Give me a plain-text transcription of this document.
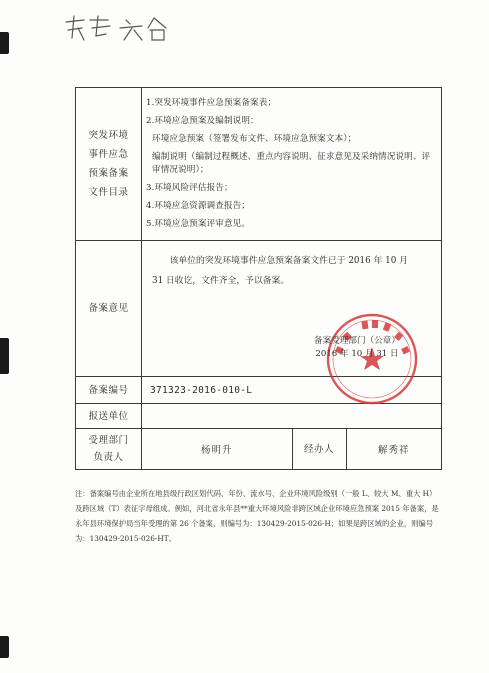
突发环境
事件应急
预案备案
文件目录

1.突发环境事件应急预案备案表；
2.环境应急预案及编制说明：
环境应急预案（签署发布文件、环境应急预案文本）；
编制说明（编制过程概述、重点内容说明、征求意见及采纳情况说明、评审情况说明）；
3.环境风险评估报告；
4.环境应急资源调查报告；
5.环境应急预案评审意见。

备案意见	
该单位的突发环境事件应急预案备案文件已于 2016 年 10 月 31 日收讫，文件齐全，予以备案。
备案受理部门（公章）
2016 年 10 月 31 日

备案编号	371323-2016-010-L
报送单位	

受理部门
负责人

杨明升	经办人	解秀祥
注：备案编号由企业所在地县级行政区划代码、年份、流水号、企业环境风险级别（一般 L、较大 M、重大 H）及跨区域（T）表征字母组成。例如，河北省永年县**重大环境风险非跨区域企业环境应急预案 2015 年备案，是永年县环境保护局当年受理的第 26 个备案，则编号为：130429-2015-026-H；如果是跨区域的企业，则编号为：130429-2015-026-HT。
